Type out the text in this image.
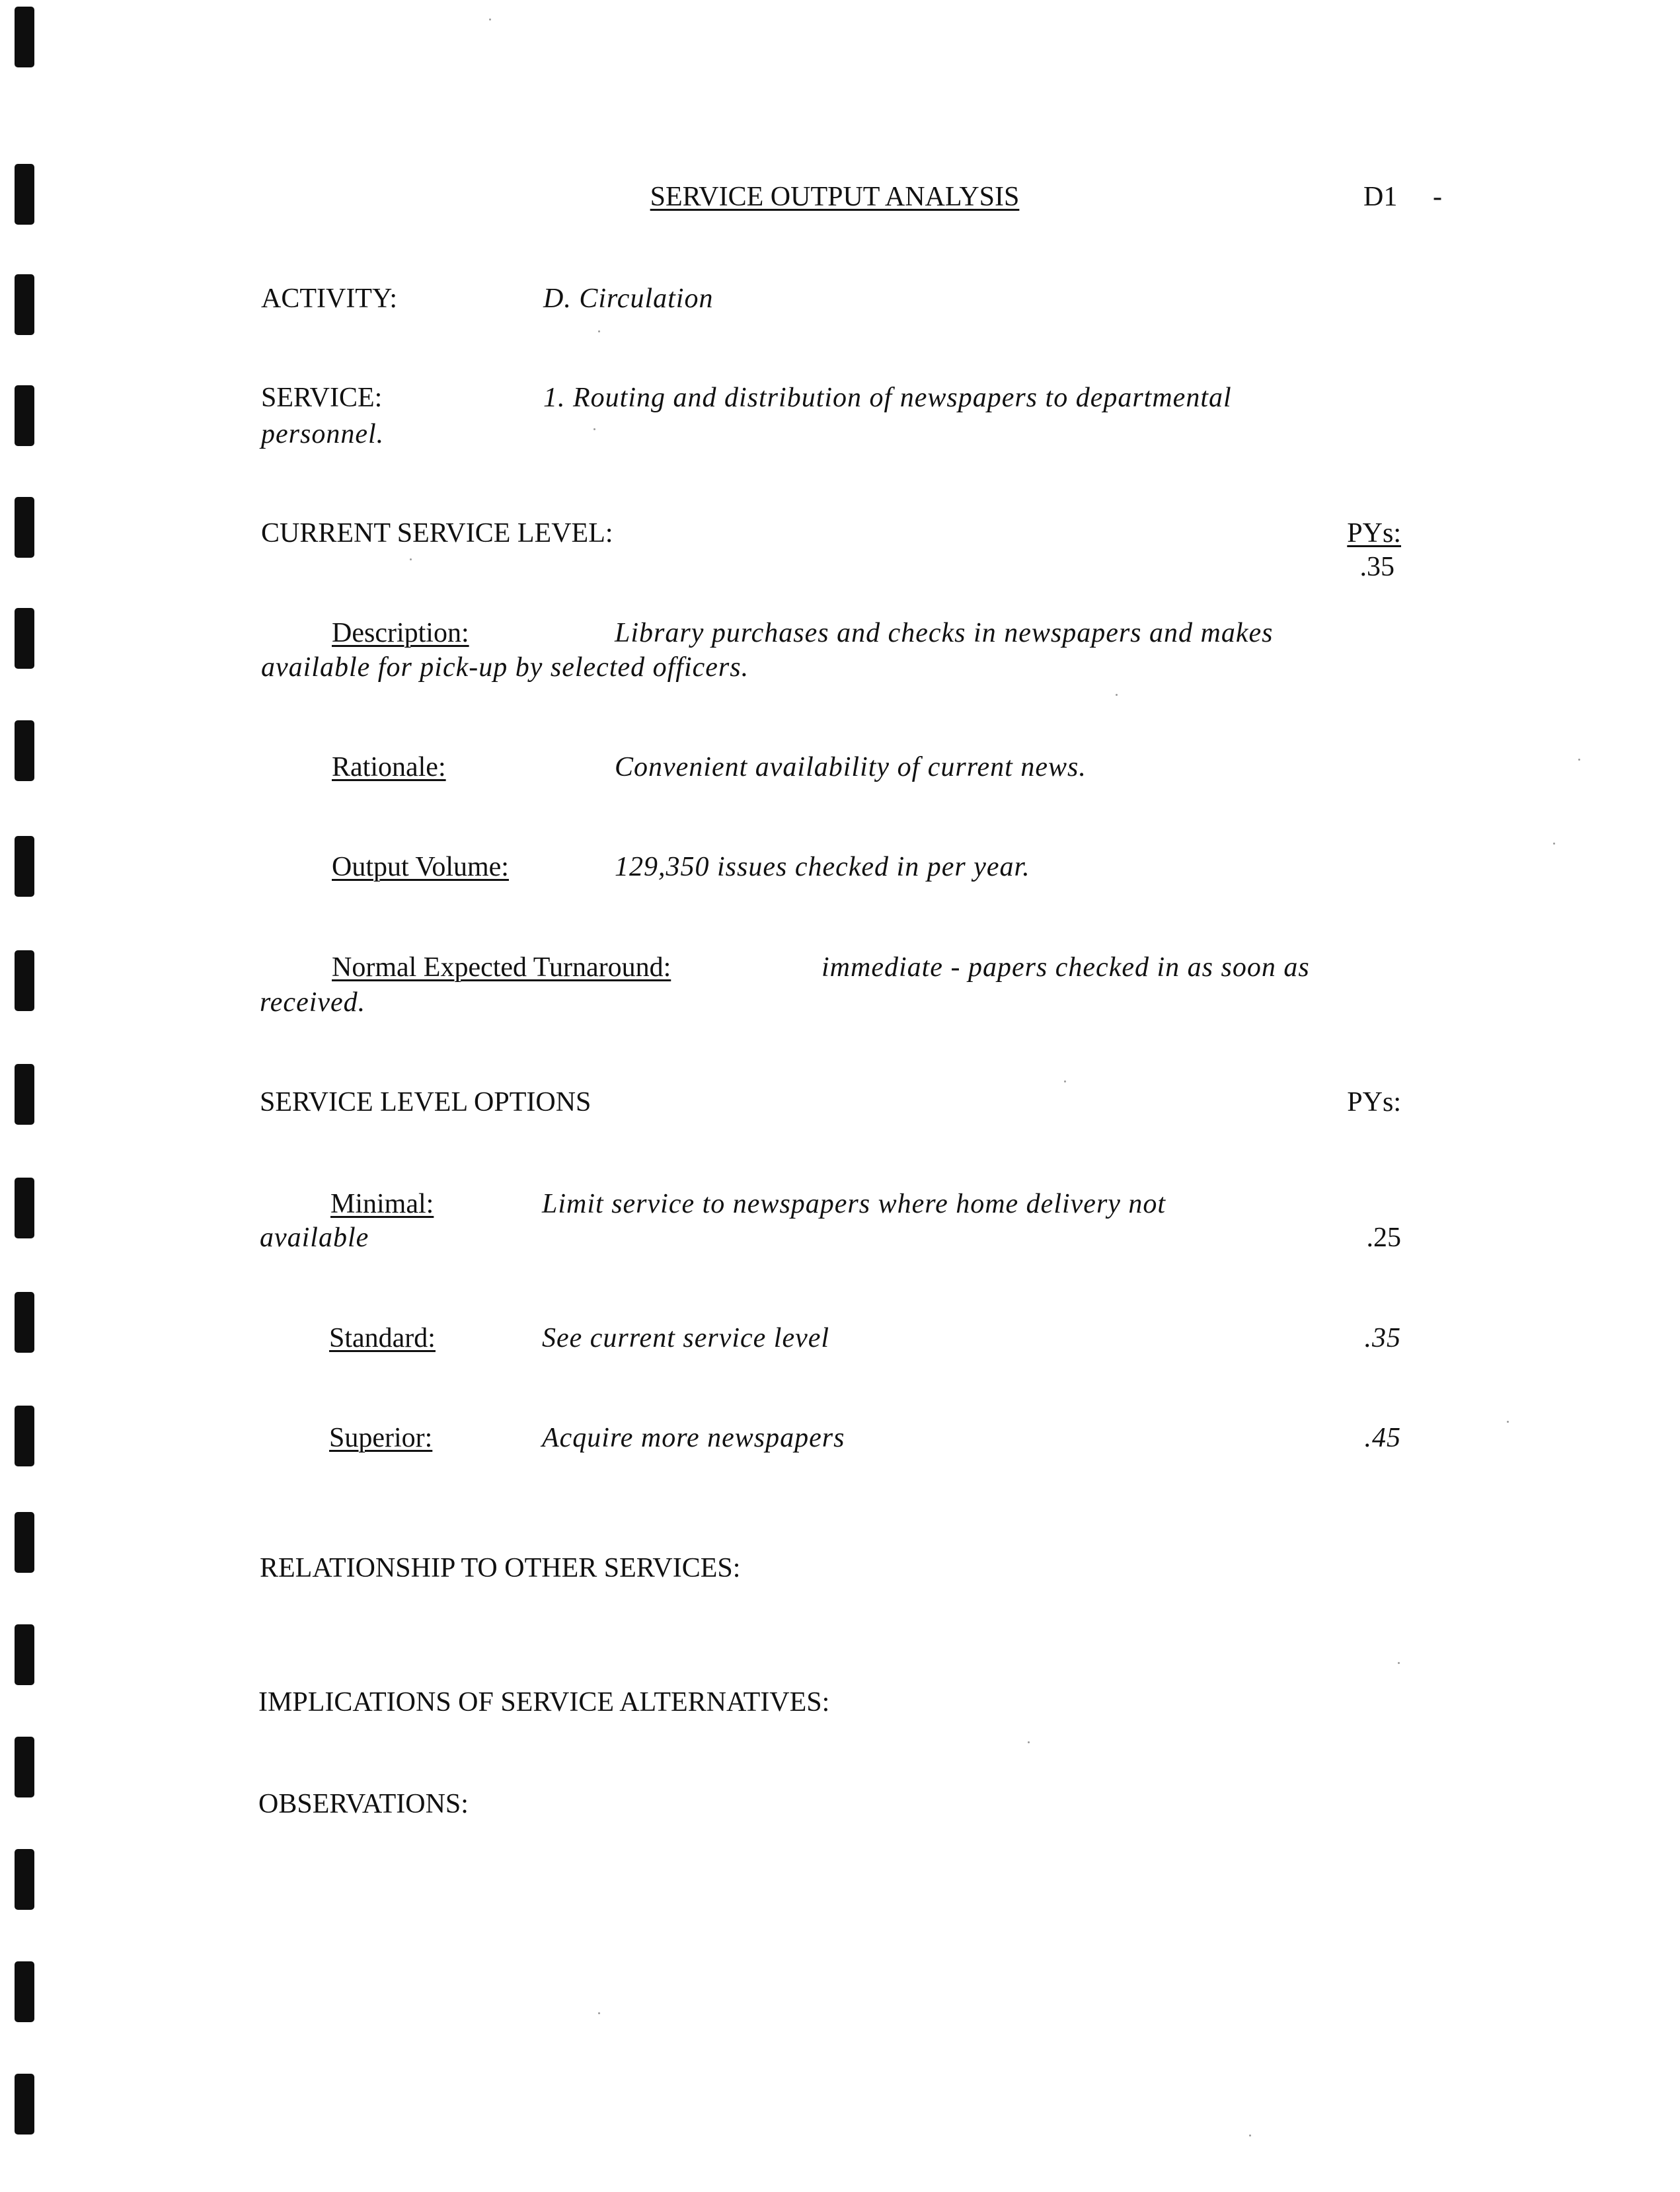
SERVICE OUTPUT ANALYSIS	D1 -
ACTIVITY:	D. Circulation
SERVICE:	1. Routing and distribution of newspapers to departmental
personnel.
CURRENT SERVICE LEVEL:	PYs:
.35
Description:	Library purchases and checks in newspapers and makes
available for pick-up by selected officers.
Rationale:	Convenient availability of current news.
Output Volume:	129,350 issues checked in per year.
Normal Expected Turnaround:	immediate - papers checked in as soon as
received.
SERVICE LEVEL OPTIONS	PYs:
Minimal:	Limit service to newspapers where home delivery not
available	.25
Standard:	See current service level	.35
Superior:	Acquire more newspapers	.45
RELATIONSHIP TO OTHER SERVICES:
IMPLICATIONS OF SERVICE ALTERNATIVES:
OBSERVATIONS:
